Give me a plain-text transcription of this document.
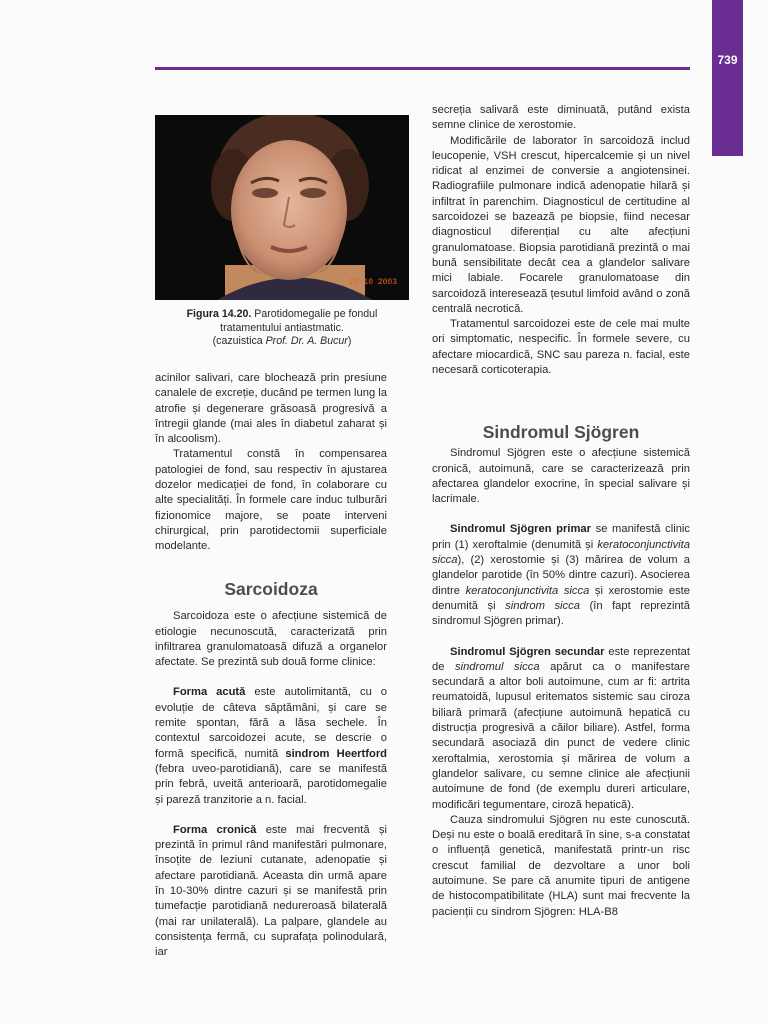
739
20 10 2003
Figura 14.20. Parotidomegalie pe fondul tratamentului antiastmatic.
(cazuistica Prof. Dr. A. Bucur)

acinilor salivari, care blochează prin presiune canalele de excreție, ducând pe termen lung la atrofie și degenerare grăsoasă progresivă a întregii glande (mai ales în diabetul zaharat și în alcoolism).

Tratamentul constă în compensarea patologiei de fond, sau respectiv în ajustarea dozelor medicației de fond, în colaborare cu alte specialități. În formele care induc tulburări fizionomice majore, se poate interveni chirurgical, prin parotidectomii superficiale modelante.

Sarcoidoza

Sarcoidoza este o afecțiune sistemică de etiologie necunoscută, caracterizată prin infiltrarea granulomatoasă difuză a organelor afectate. Se prezintă sub două forme clinice:

Forma acută este autolimitantă, cu o evoluție de câteva săptămâni, și care se remite spontan, fără a lăsa sechele. În contextul sarcoidozei acute, se descrie o formă specifică, numită sindrom Heertford (febra uveo-parotidiană), care se manifestă prin febră, uveită anterioară, parotidomegalie și pareză tranzitorie a n. facial.

Forma cronică este mai frecventă și prezintă în primul rând manifestări pulmonare, însoțite de leziuni cutanate, adenopatie și afectare parotidiană. Aceasta din urmă apare în 10-30% dintre cazuri și se manifestă prin tumefacție parotidiană nedureroasă bilaterală (mai rar unilaterală). La palpare, glandele au consistența fermă, cu suprafața polinodulară, iar

secreția salivară este diminuată, putând exista semne clinice de xerostomie.

Modificările de laborator în sarcoidoză includ leucopenie, VSH crescut, hipercalcemie și un nivel ridicat al enzimei de conversie a angiotensinei. Radiografiile pulmonare indică adenopatie hilară și infiltrat în parenchim. Diagnosticul de certitudine al sarcoidozei se bazează pe biopsie, fiind necesar diagnosticul diferențial cu alte afecțiuni granulomatoase. Biopsia parotidiană prezintă o mai bună sensibilitate decât cea a glandelor salivare mici labiale. Focarele granulomatoase din sarcoidoză interesează țesutul limfoid având o zonă centrală necrotică.

Tratamentul sarcoidozei este de cele mai multe ori simptomatic, nespecific. În formele severe, cu afectare miocardică, SNC sau pareza n. facial, este necesară corticoterapia.

Sindromul Sjögren

Sindromul Sjögren este o afecțiune sistemică cronică, autoimună, care se caracterizează prin afectarea glandelor exocrine, în special salivare și lacrimale.

Sindromul Sjögren primar se manifestă clinic prin (1) xeroftalmie (denumită și keratoconjunctivita sicca), (2) xerostomie și (3) mărirea de volum a glandelor parotide (în 50% dintre cazuri). Asocierea dintre keratoconjunctivita sicca și xerostomie este denumită și sindrom sicca (în fapt reprezintă sindromul Sjögren primar).

Sindromul Sjögren secundar este reprezentat de sindromul sicca apărut ca o manifestare secundară a altor boli autoimune, cum ar fi: artrita reumatoidă, lupusul eritematos sistemic sau ciroza biliară primară (afecțiune autoimună hepatică cu distrucția progresivă a căilor biliare). Astfel, forma secundară asociază din punct de vedere clinic xeroftalmia, xerostomia și mărirea de volum a glandelor salivare, cu semne clinice ale afecțiunii autoimune de fond (de exemplu dureri articulare, modificări tegumentare, ciroză hepatică).

Cauza sindromului Sjögren nu este cunoscută. Deși nu este o boală ereditară în sine, s-a constatat o influență genetică, manifestată printr-un risc crescut familial de dezvoltare a unor boli autoimune. Se pare că anumite tipuri de antigene de histocompatibilitate (HLA) sunt mai frecvente la pacienții cu sindrom Sjögren: HLA-B8
